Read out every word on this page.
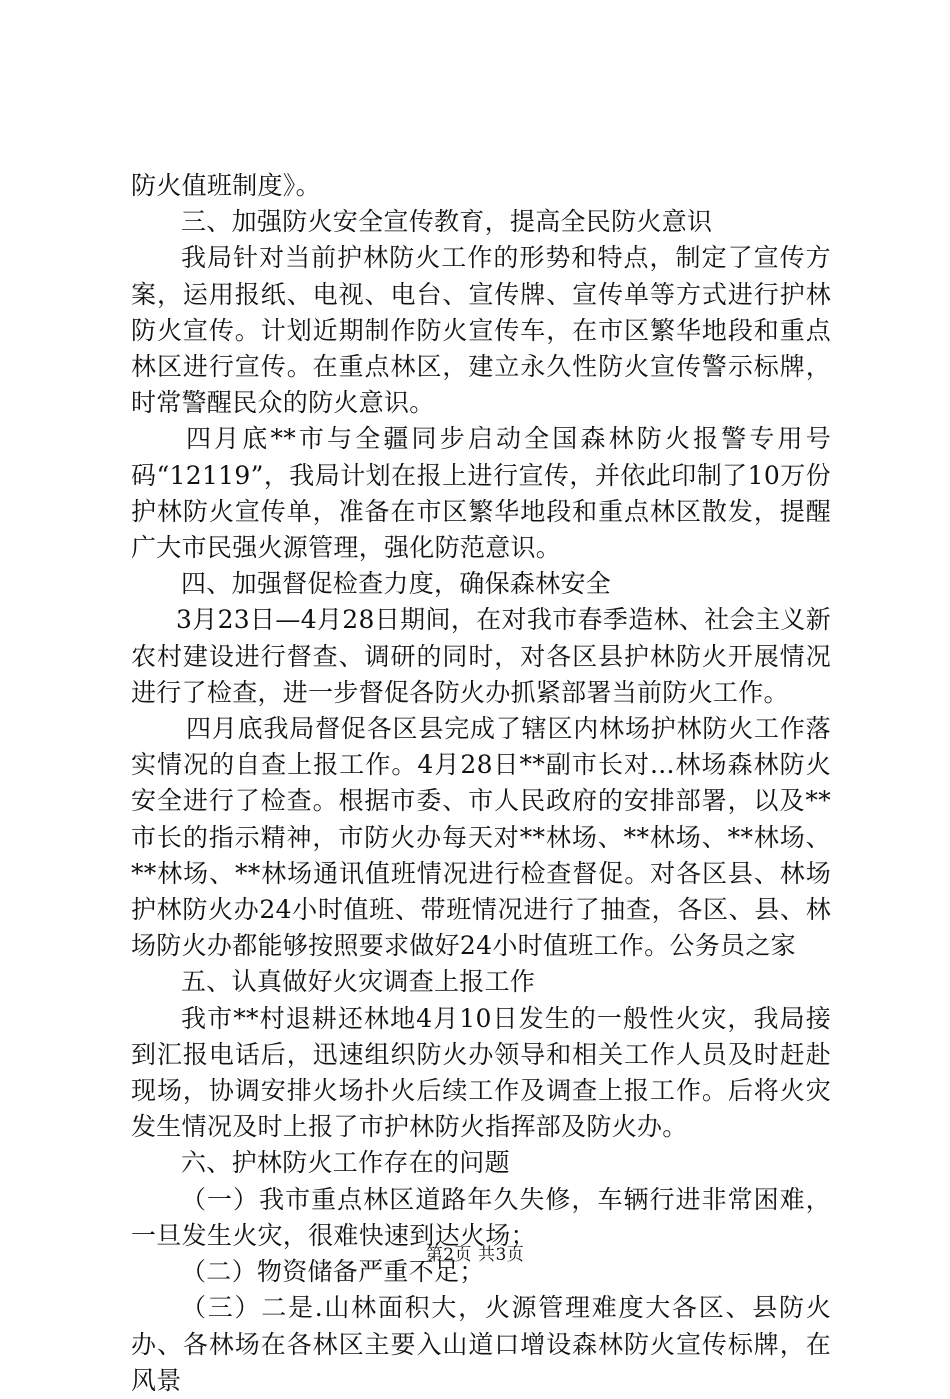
防火值班制度》。

三、加强防火安全宣传教育，提高全民防火意识

我局针对当前护林防火工作的形势和特点，制定了宣传方案，运用报纸、电视、电台、宣传牌、宣传单等方式进行护林防火宣传。计划近期制作防火宣传车，在市区繁华地段和重点林区进行宣传。在重点林区，建立永久性防火宣传警示标牌，时常警醒民众的防火意识。

四月底**市与全疆同步启动全国森林防火报警专用号码“12119”，我局计划在报上进行宣传，并依此印制了10万份护林防火宣传单，准备在市区繁华地段和重点林区散发，提醒广大市民强火源管理，强化防范意识。

四、加强督促检查力度，确保森林安全

3月23日—4月28日期间，在对我市春季造林、社会主义新农村建设进行督查、调研的同时，对各区县护林防火开展情况进行了检查，进一步督促各防火办抓紧部署当前防火工作。

四月底我局督促各区县完成了辖区内林场护林防火工作落实情况的自查上报工作。4月28日**副市长对...林场森林防火安全进行了检查。根据市委、市人民政府的安排部署，以及**市长的指示精神，市防火办每天对**林场、**林场、**林场、**林场、**林场通讯值班情况进行检查督促。对各区县、林场护林防火办24小时值班、带班情况进行了抽查，各区、县、林场防火办都能够按照要求做好24小时值班工作。公务员之家

五、认真做好火灾调查上报工作

我市**村退耕还林地4月10日发生的一般性火灾，我局接到汇报电话后，迅速组织防火办领导和相关工作人员及时赶赴现场，协调安排火场扑火后续工作及调查上报工作。后将火灾发生情况及时上报了市护林防火指挥部及防火办。

六、护林防火工作存在的问题

（一）我市重点林区道路年久失修，车辆行进非常困难，一旦发生火灾，很难快速到达火场；

（二）物资储备严重不足；

（三）二是.山林面积大，火源管理难度大各区、县防火办、各林场在各林区主要入山道口增设森林防火宣传标牌，在风景

第2页 共3页
